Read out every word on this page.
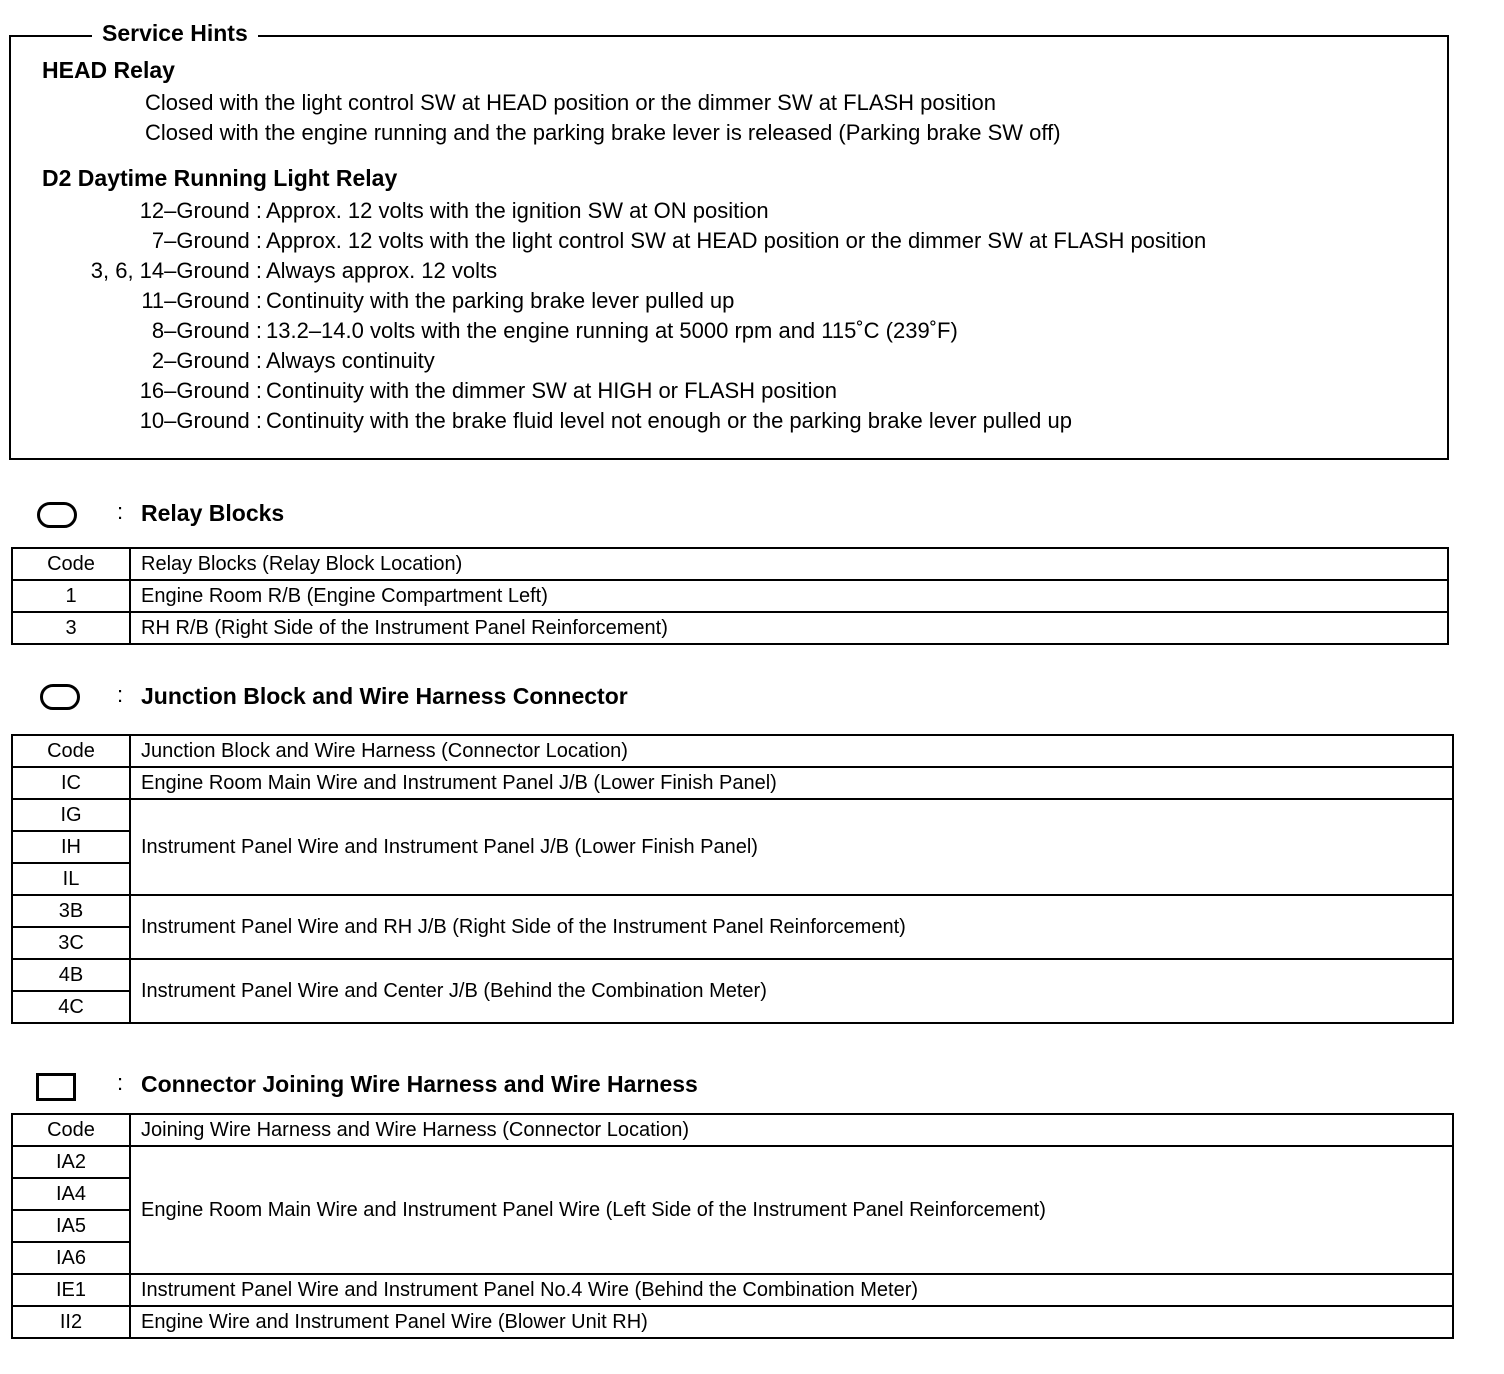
Service Hints
HEAD Relay
Closed with the light control SW at HEAD position or the dimmer SW at FLASH position
Closed with the engine running and the parking brake lever is released (Parking brake SW off)
D2 Daytime Running Light Relay
12–Ground : Approx. 12 volts with the ignition SW at ON position
7–Ground : Approx. 12 volts with the light control SW at HEAD position or the dimmer SW at FLASH position
3, 6, 14–Ground : Always approx. 12 volts
11–Ground : Continuity with the parking brake lever pulled up
8–Ground : 13.2–14.0 volts with the engine running at 5000 rpm and 115˚C (239˚F)
2–Ground : Always continuity
16–Ground : Continuity with the dimmer SW at HIGH or FLASH position
10–Ground : Continuity with the brake fluid level not enough or the parking brake lever pulled up
: Relay Blocks
Code	Relay Blocks (Relay Block Location)
1	Engine Room R/B (Engine Compartment Left)
3	RH R/B (Right Side of the Instrument Panel Reinforcement)
: Junction Block and Wire Harness Connector
Code	Junction Block and Wire Harness (Connector Location)
IC	Engine Room Main Wire and Instrument Panel J/B (Lower Finish Panel)
IG	Instrument Panel Wire and Instrument Panel J/B (Lower Finish Panel)
IH	
IL	
3B	Instrument Panel Wire and RH J/B (Right Side of the Instrument Panel Reinforcement)
3C	
4B	Instrument Panel Wire and Center J/B (Behind the Combination Meter)
4C	
: Connector Joining Wire Harness and Wire Harness
Code	Joining Wire Harness and Wire Harness (Connector Location)
IA2	Engine Room Main Wire and Instrument Panel Wire (Left Side of the Instrument Panel Reinforcement)
IA4	
IA5	
IA6	
IE1	Instrument Panel Wire and Instrument Panel No.4 Wire (Behind the Combination Meter)
II2	Engine Wire and Instrument Panel Wire (Blower Unit RH)
